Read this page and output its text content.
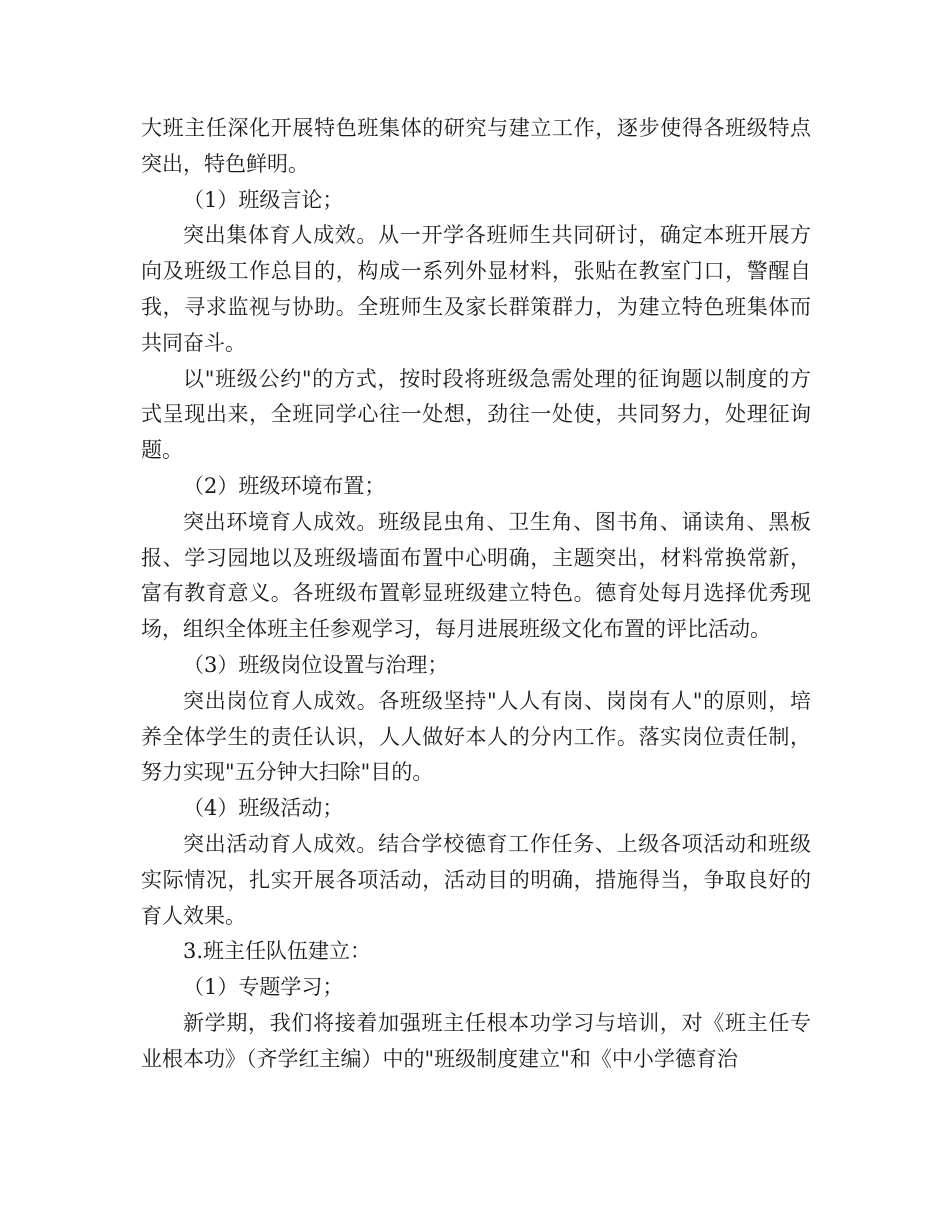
大班主任深化开展特色班集体的研究与建立工作，逐步使得各班级特点突出，特色鲜明。

（1）班级言论；

突出集体育人成效。从一开学各班师生共同研讨，确定本班开展方向及班级工作总目的，构成一系列外显材料，张贴在教室门口，警醒自我，寻求监视与协助。全班师生及家长群策群力，为建立特色班集体而共同奋斗。

以"班级公约"的方式，按时段将班级急需处理的征询题以制度的方式呈现出来，全班同学心往一处想，劲往一处使，共同努力，处理征询题。

（2）班级环境布置；

突出环境育人成效。班级昆虫角、卫生角、图书角、诵读角、黑板报、学习园地以及班级墙面布置中心明确，主题突出，材料常换常新，富有教育意义。各班级布置彰显班级建立特色。德育处每月选择优秀现场，组织全体班主任参观学习，每月进展班级文化布置的评比活动。

（3）班级岗位设置与治理；

突出岗位育人成效。各班级坚持"人人有岗、岗岗有人"的原则，培养全体学生的责任认识，人人做好本人的分内工作。落实岗位责任制，努力实现"五分钟大扫除"目的。

（4）班级活动；

突出活动育人成效。结合学校德育工作任务、上级各项活动和班级实际情况，扎实开展各项活动，活动目的明确，措施得当，争取良好的育人效果。

3.班主任队伍建立：

（1）专题学习；

新学期，我们将接着加强班主任根本功学习与培训，对《班主任专业根本功》（齐学红主编）中的"班级制度建立"和《中小学德育治
